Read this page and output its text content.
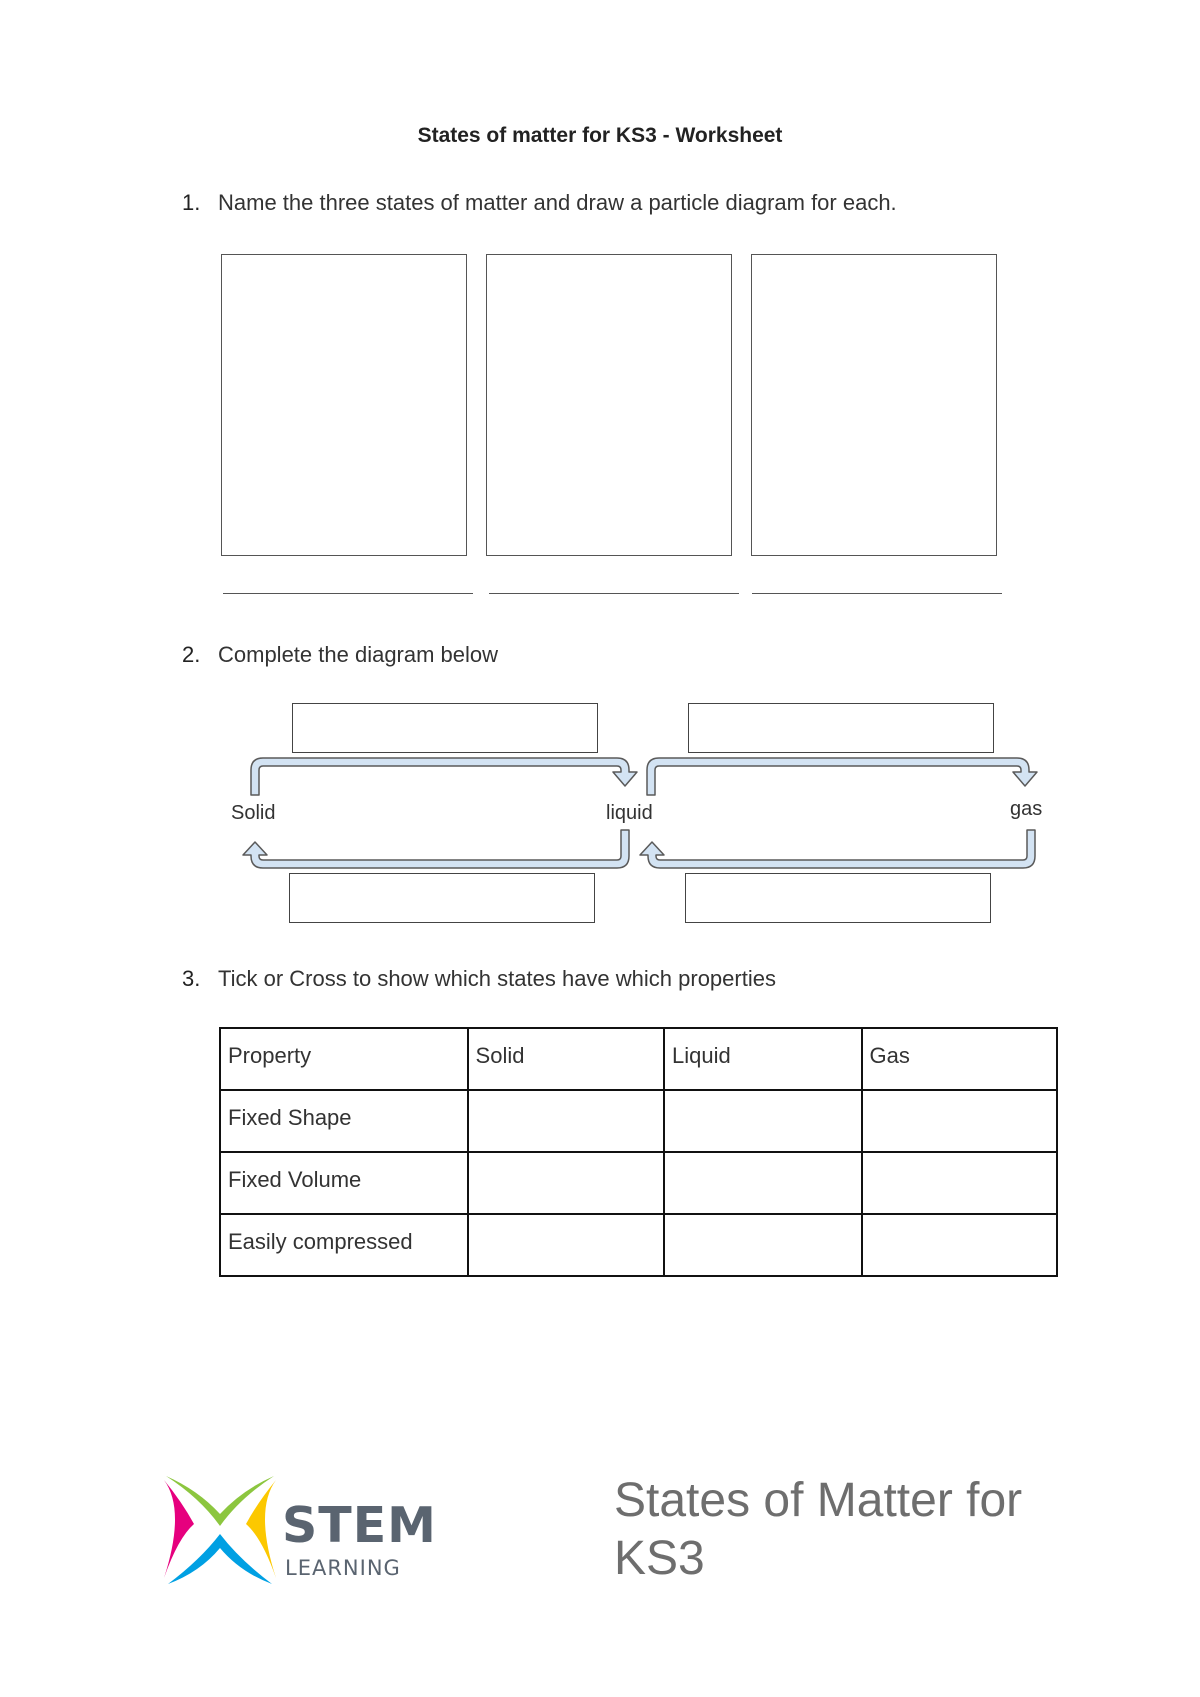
States of matter for KS3 - Worksheet
1. Name the three states of matter and draw a particle diagram for each.
2. Complete the diagram below
Solid	liquid	gas
3. Tick or Cross to show which states have which properties
Property	Solid	Liquid	Gas
Fixed Shape			
Fixed Volume			
Easily compressed			
STEM
LEARNING
States of Matter for
KS3
